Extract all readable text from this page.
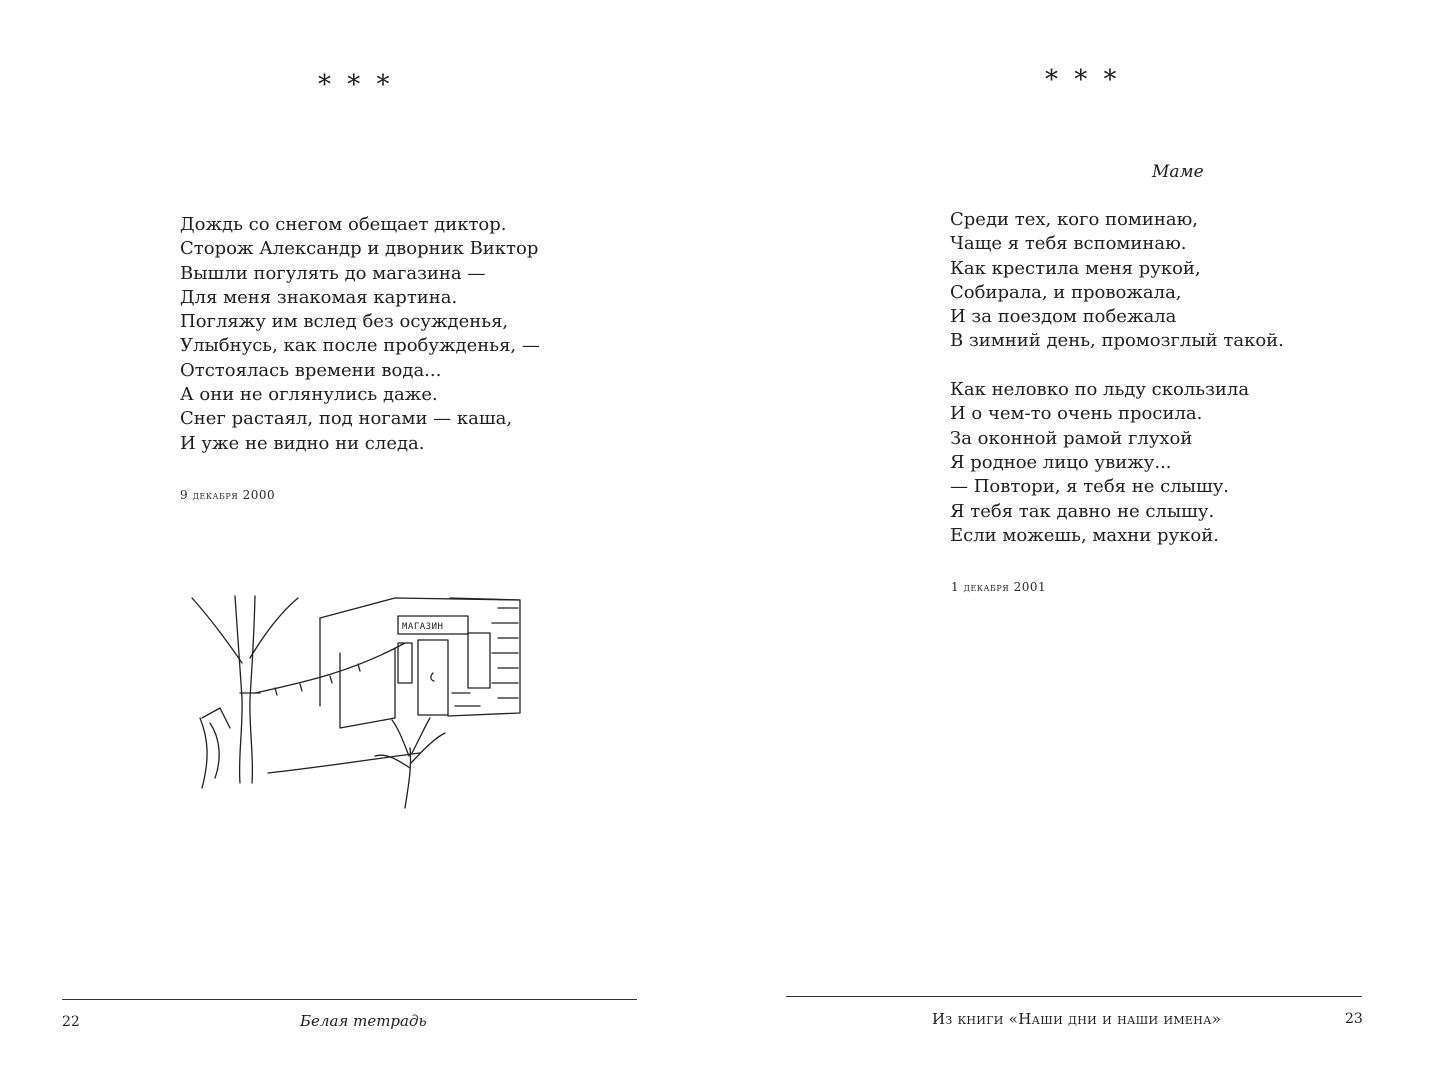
* * *
Дождь со снегом обещает диктор.
Сторож Александр и дворник Виктор
Вышли погулять до магазина —
Для меня знакомая картина.
Погляжу им вслед без осужденья,
Улыбнусь, как после пробужденья, —
Отстоялась времени вода...
А они не оглянулись даже.
Снег растаял, под ногами — каша,
И уже не видно ни следа.
9 декабря 2000
МАГАЗИН
22	Белая тетрадь
* * *
Маме
Среди тех, кого поминаю,
Чаще я тебя вспоминаю.
Как крестила меня рукой,
Собирала, и провожала,
И за поездом побежала
В зимний день, промозглый такой.
Как неловко по льду скользила
И о чем-то очень просила.
За оконной рамой глухой
Я родное лицо увижу...
— Повтори, я тебя не слышу.
Я тебя так давно не слышу.
Если можешь, махни рукой.
1 декабря 2001
Из книги «Наши дни и наши имена»	23
